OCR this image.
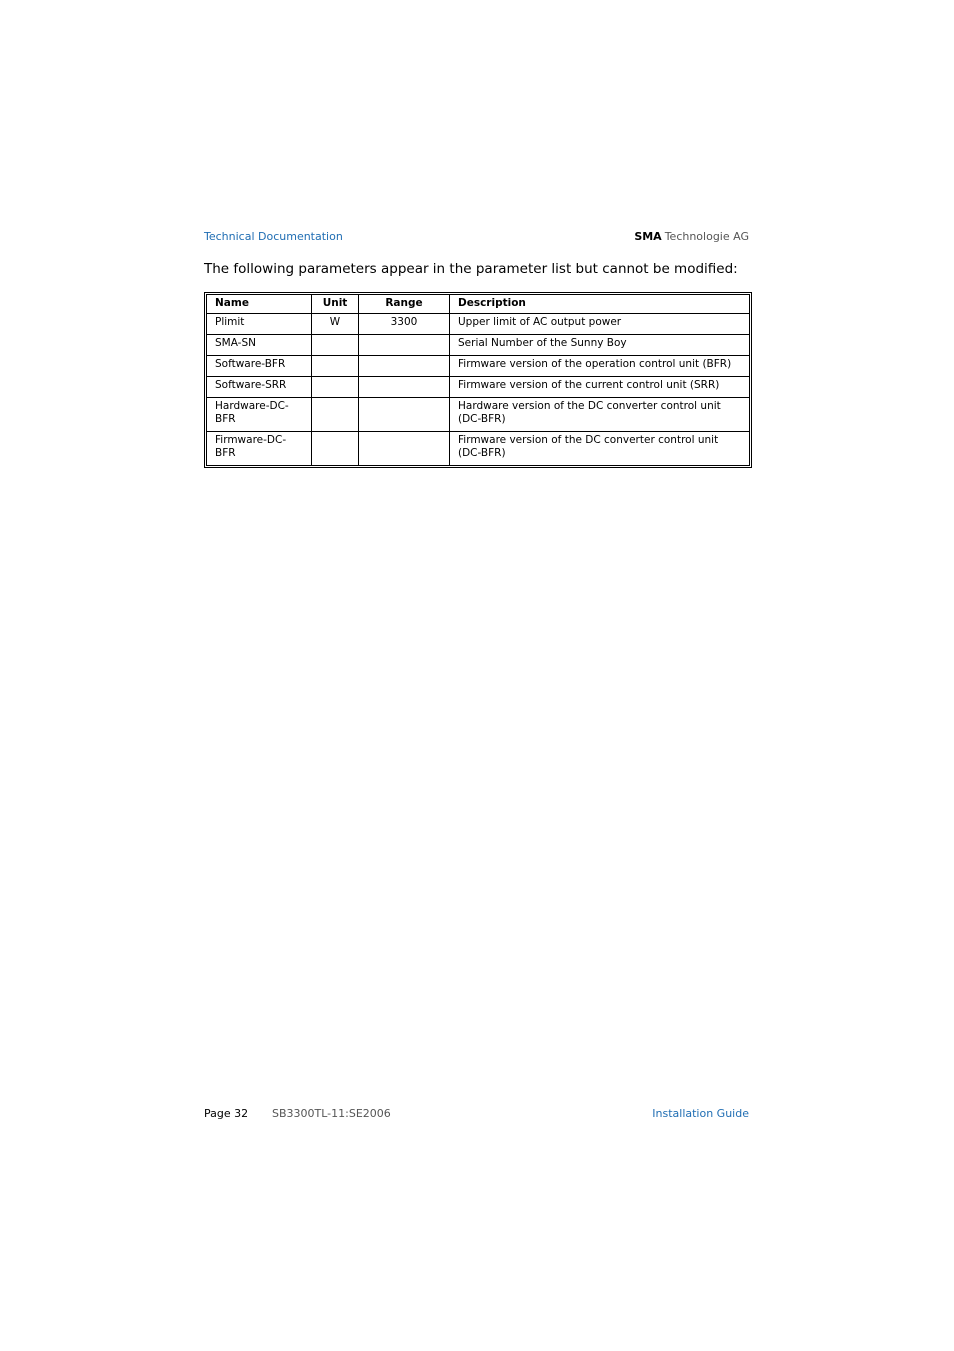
Technical Documentation	SMA Technologie AG
The following parameters appear in the parameter list but cannot be modified:
Name	Unit	Range	Description
Plimit	W	3300	Upper limit of AC output power
SMA-SN			Serial Number of the Sunny Boy
Software-BFR			Firmware version of the operation control unit (BFR)
Software-SRR			Firmware version of the current control unit (SRR)
Hardware-DC-BFR			Hardware version of the DC converter control unit (DC-BFR)
Firmware-DC-BFR			Firmware version of the DC converter control unit (DC-BFR)
Page 32 SB3300TL-11:SE2006	Installation Guide
